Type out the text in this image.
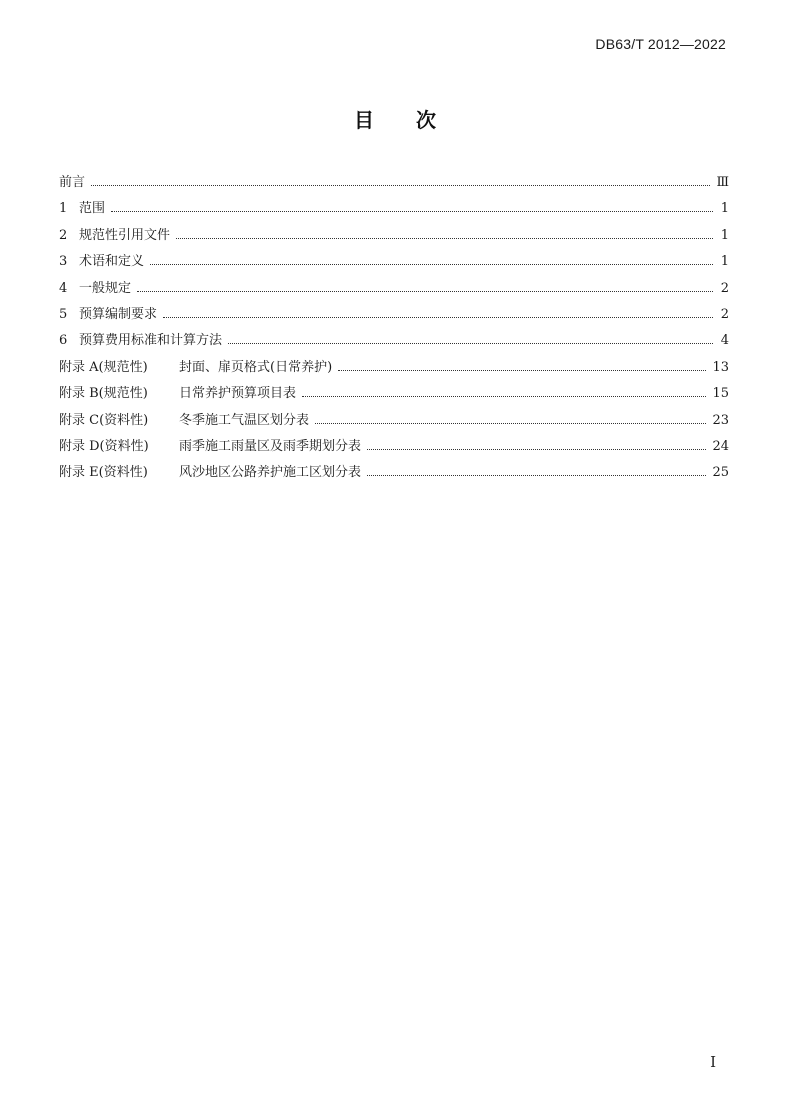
DB63/T 2012—2022
目次
前言	Ⅲ
1 范围	1
2 规范性引用文件	1
3 术语和定义	1
4 一般规定	2
5 预算编制要求	2
6 预算费用标准和计算方法	4
附录 A(规范性)	封面、扉页格式(日常养护)	13
附录 B(规范性)	日常养护预算项目表	15
附录 C(资料性)	冬季施工气温区划分表	23
附录 D(资料性)	雨季施工雨量区及雨季期划分表	24
附录 E(资料性)	风沙地区公路养护施工区划分表	25
I
